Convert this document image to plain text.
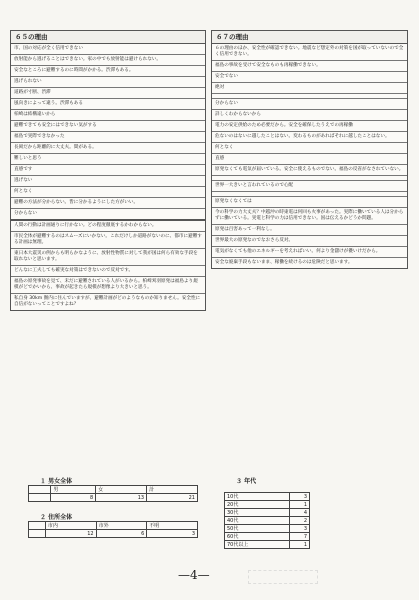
６５の理由
市、国の対応が全く信用できない
放射能から逃げることはできない。家の中でも放射能は避けられない。
安全なところに避難するのに時間がかかる。渋滞もある。
逃げられない
道路が寸断、渋滞
風向きによって違う。渋滞もある
柏崎は結構遠いから
避難できても安全にはできない気がする
福島で実際できなかった
長岡だから距離的に大丈夫。間がある。
難しいと思う
直感です
逃げない
何となく
避難の方法が分からない。皆に分かるようにした方がいい。
分からない
人間の行動は計画通りに行かない。どの程度徹底するかわからない。
市民全体が避難するのはスムーズにいかない。これだけしか道路がないのに、都市に避難する計画は無理。
東日本大震災の例からも明らかなように、放射性物質に対して我が国は何ら有効な手段を取れないと思います。
どんなに工夫しても確実な対策はできないので反対です。
福島の原発事故を見て、未だに避難されている人がいるから。柏崎刈羽原発は福島より規模がどでかいから、事故が起きたら規模が想像より大きいと思う。
私自身 30km 圏内に住んでいますが、避難計画がどのようなものか知りません。安全性に自信がないってことですよね？
６７の理由
６の理由のほか、安全性が確認できない。地震など想定外の対策を国が取っていないので全く信用できない。
福島の事故を受けて安全なものも再稼働できない。
安全でない
絶対
分からない
詳しくわからないから
電力の安定供給のため必要だから。安全を確保したうえでの再稼働
危ないのはないに越したことはない。変わるものがあればそれに越したことはない。
何となく
直感
原発なくても電気が届いている。安全に使えるものでない。福島の反省がなされていない。
世界一大きいと言われているので心配
原発なくなくては
今の科学の力大丈夫？中越沖の時東電は何回も火事があった。実際に働いている人は分からずに働いている。実電と科学の力は信用できない。国は伝えるかどうか問題。
原発は百害あって一利なし。
世界最大の原発なのでなおさら反対。
電気がなくても他のエネルギーを考えればいい。何より金儲けが優いけだから。
安全な廃棄手段もないまま、稼働を続けるのは危険だと思います。
１ 男女全体
	男	女	計
	8	13	21
２ 住所全体
	市内	市外	不明
	12	6	3
３ 年代
10代	3
20代	1
30代	4
40代	2
50代	3
60代	7
70代以上	1
—4—
